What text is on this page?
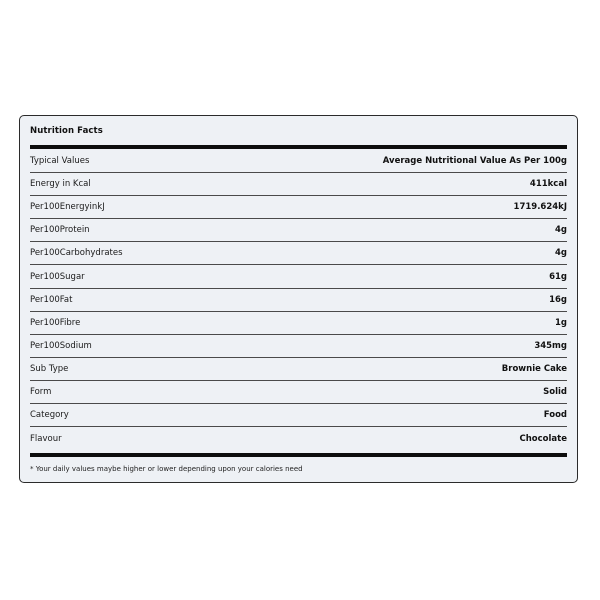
Nutrition Facts
Typical Values	Average Nutritional Value As Per 100g
Energy in Kcal	411kcal
Per100EnergyinkJ	1719.624kJ
Per100Protein	4g
Per100Carbohydrates	4g
Per100Sugar	61g
Per100Fat	16g
Per100Fibre	1g
Per100Sodium	345mg
Sub Type	Brownie Cake
Form	Solid
Category	Food
Flavour	Chocolate
* Your daily values maybe higher or lower depending upon your calories need
